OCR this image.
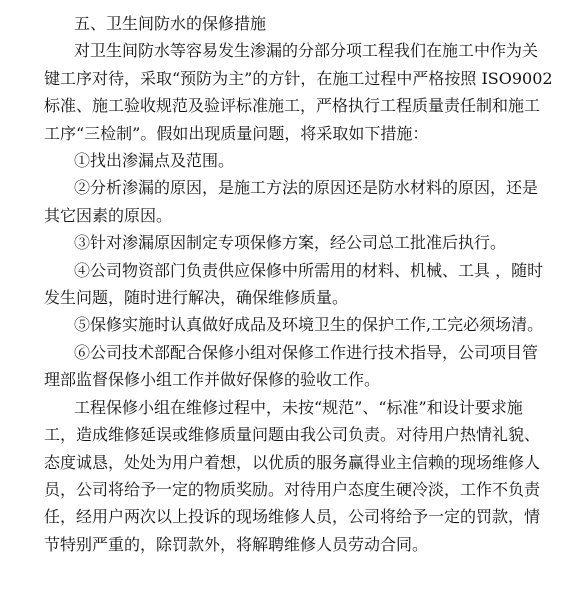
五、卫生间防水的保修措施

对卫生间防水等容易发生渗漏的分部分项工程我们在施工中作为关

键工序对待，采取“预防为主”的方针，在施工过程中严格按照 ISO9002

标准、施工验收规范及验评标准施工，严格执行工程质量责任制和施工

工序“三检制”。假如出现质量问题，将采取如下措施：

①找出渗漏点及范围。

②分析渗漏的原因，是施工方法的原因还是防水材料的原因，还是

其它因素的原因。

③针对渗漏原因制定专项保修方案，经公司总工批准后执行。

④公司物资部门负责供应保修中所需用的材料、机械、工具 ，随时

发生问题，随时进行解决，确保维修质量。

⑤保修实施时认真做好成品及环境卫生的保护工作,工完必须场清。

⑥公司技术部配合保修小组对保修工作进行技术指导，公司项目管

理部监督保修小组工作并做好保修的验收工作。

工程保修小组在维修过程中，未按“规范”、“标准”和设计要求施

工，造成维修延误或维修质量问题由我公司负责。对待用户热情礼貌、

态度诚恳，处处为用户着想，以优质的服务赢得业主信赖的现场维修人

员，公司将给予一定的物质奖励。对待用户态度生硬冷淡，工作不负责

任，经用户两次以上投诉的现场维修人员，公司将给予一定的罚款，情

节特别严重的，除罚款外，将解聘维修人员劳动合同。
